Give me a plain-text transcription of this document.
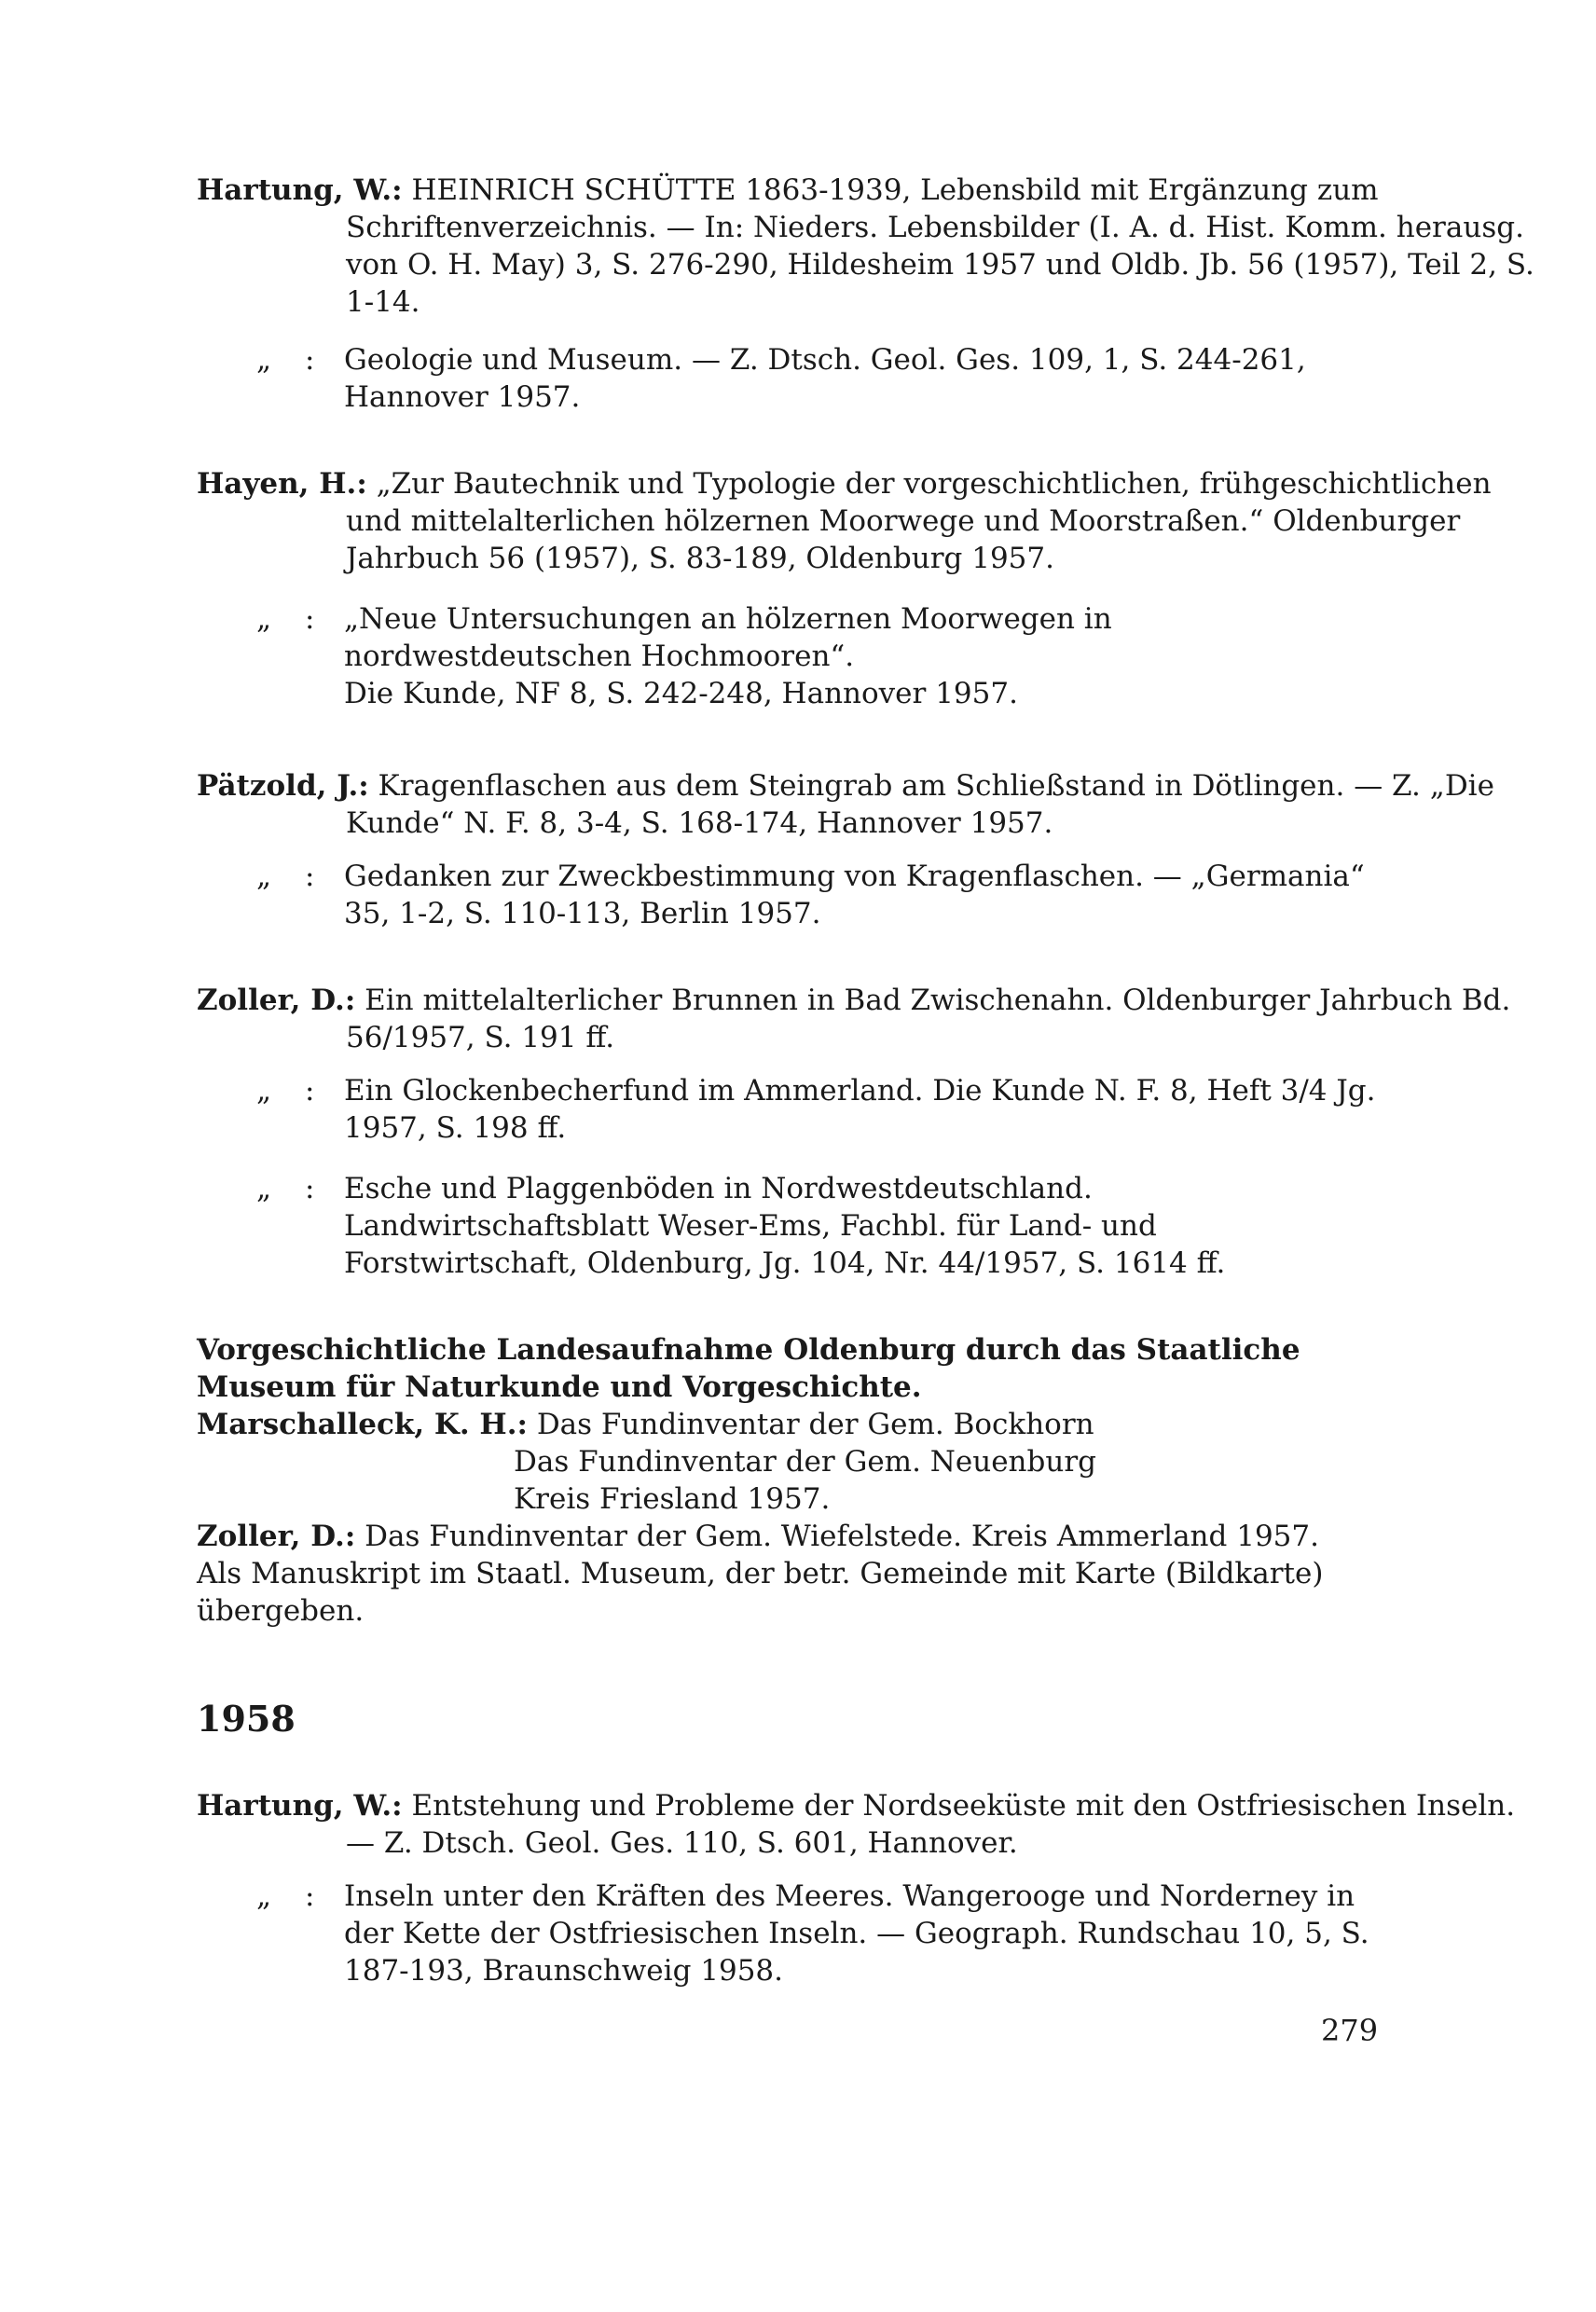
Hartung, W.: HEINRICH SCHÜTTE 1863-1939, Lebensbild mit Ergänzung zum Schriftenverzeichnis. — In: Nieders. Lebensbilder (I. A. d. Hist. Komm. herausg. von O. H. May) 3, S. 276-290, Hildesheim 1957 und Oldb. Jb. 56 (1957), Teil 2, S. 1-14.
„ :	Geologie und Museum. — Z. Dtsch. Geol. Ges. 109, 1, S. 244-261, Hannover 1957.
Hayen, H.: „Zur Bautechnik und Typologie der vorgeschichtlichen, frühgeschichtlichen und mittelalterlichen hölzernen Moorwege und Moorstraßen.“ Oldenburger Jahrbuch 56 (1957), S. 83-189, Oldenburg 1957.
„ :	„Neue Untersuchungen an hölzernen Moorwegen in nordwestdeutschen Hochmooren“.
Die Kunde, NF 8, S. 242-248, Hannover 1957.
Pätzold, J.: Kragenflaschen aus dem Steingrab am Schließstand in Dötlingen. — Z. „Die Kunde“ N. F. 8, 3-4, S. 168-174, Hannover 1957.
„ :	Gedanken zur Zweckbestimmung von Kragenflaschen. — „Germania“ 35, 1-2, S. 110-113, Berlin 1957.
Zoller, D.: Ein mittelalterlicher Brunnen in Bad Zwischenahn. Oldenburger Jahrbuch Bd. 56/1957, S. 191 ff.
„ :	Ein Glockenbecherfund im Ammerland. Die Kunde N. F. 8, Heft 3/4 Jg. 1957, S. 198 ff.
„ :	Esche und Plaggenböden in Nordwestdeutschland. Landwirtschaftsblatt Weser-Ems, Fachbl. für Land- und Forstwirtschaft, Oldenburg, Jg. 104, Nr. 44/1957, S. 1614 ff.
Vorgeschichtliche Landesaufnahme Oldenburg durch das Staatliche Museum für Naturkunde und Vorgeschichte.
Marschalleck, K. H.: Das Fundinventar der Gem. Bockhorn
Das Fundinventar der Gem. Neuenburg
Kreis Friesland 1957.
Zoller, D.: Das Fundinventar der Gem. Wiefelstede. Kreis Ammerland 1957.
Als Manuskript im Staatl. Museum, der betr. Gemeinde mit Karte (Bildkarte) übergeben.
1958
Hartung, W.: Entstehung und Probleme der Nordseeküste mit den Ostfriesischen Inseln. — Z. Dtsch. Geol. Ges. 110, S. 601, Hannover.
„ :	Inseln unter den Kräften des Meeres. Wangerooge und Norderney in der Kette der Ostfriesischen Inseln. — Geograph. Rundschau 10, 5, S. 187-193, Braunschweig 1958.
279
